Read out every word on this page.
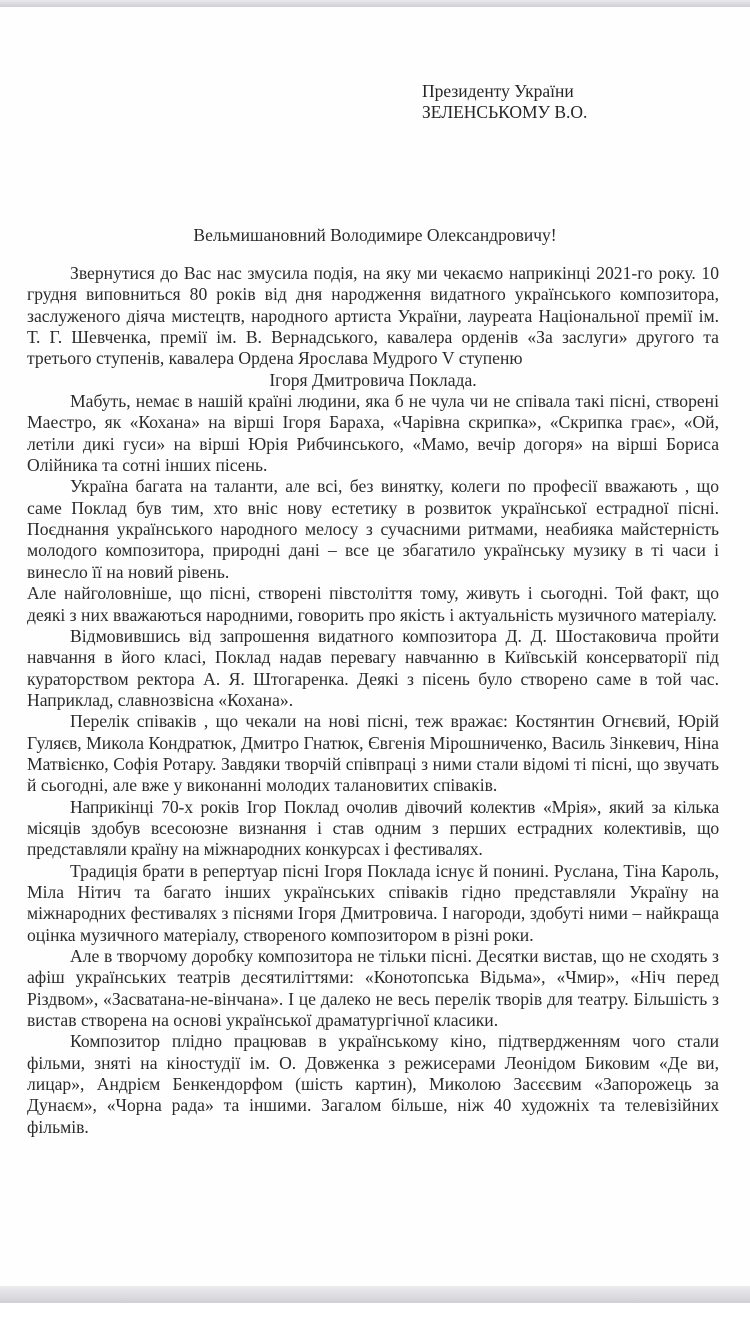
Президенту України
ЗЕЛЕНСЬКОМУ В.О.
Вельмишановний Володимире Олександровичу!

Звернутися до Вас нас змусила подія, на яку ми чекаємо наприкінці 2021-го року. 10 грудня виповниться 80 років від дня народження видатного українського композитора, заслуженого діяча мистецтв, народного артиста України, лауреата Національної премії ім. Т. Г. Шевченка, премії ім. В. Вернадського, кавалера орденів «За заслуги» другого та третього ступенів, кавалера Ордена Ярослава Мудрого V ступеню

Ігоря Дмитровича Поклада.

Мабуть, немає в нашій країні людини, яка б не чула чи не співала такі пісні, створені Маестро, як «Кохана» на вірші Ігоря Бараха, «Чарівна скрипка», «Скрипка грає», «Ой, летіли дикі гуси» на вірші Юрія Рибчинського, «Мамо, вечір догоря» на вірші Бориса Олійника та сотні інших пісень.

Україна багата на таланти, але всі, без винятку, колеги по професії вважають , що саме Поклад був тим, хто вніс нову естетику в розвиток української естрадної пісні. Поєднання українського народного мелосу з сучасними ритмами, неабияка майстерність молодого композитора, природні дані – все це збагатило українську музику в ті часи і винесло її на новий рівень.

Але найголовніше, що пісні, створені півстоліття тому, живуть і сьогодні. Той факт, що деякі з них вважаються народними, говорить про якість і актуальність музичного матеріалу.

Відмовившись від запрошення видатного композитора Д. Д. Шостаковича пройти навчання в його класі, Поклад надав перевагу навчанню в Київській консерваторії під кураторством ректора А. Я. Штогаренка. Деякі з пісень було створено саме в той час. Наприклад, славнозвісна «Кохана».

Перелік співаків , що чекали на нові пісні, теж вражає: Костянтин Огнєвий, Юрій Гуляєв, Микола Кондратюк, Дмитро Гнатюк, Євгенія Мірошниченко, Василь Зінкевич, Ніна Матвієнко, Софія Ротару. Завдяки творчій співпраці з ними стали відомі ті пісні, що звучать й сьогодні, але вже у виконанні молодих талановитих співаків.

Наприкінці 70-х років Ігор Поклад очолив дівочий колектив «Мрія», який за кілька місяців здобув всесоюзне визнання і став одним з перших естрадних колективів, що представляли країну на міжнародних конкурсах і фестивалях.

Традиція брати в репертуар пісні Ігоря Поклада існує й понині. Руслана, Тіна Кароль, Міла Нітич та багато інших українських співаків гідно представляли Україну на міжнародних фестивалях з піснями Ігоря Дмитровича. І нагороди, здобуті ними – найкраща оцінка музичного матеріалу, створеного композитором в різні роки.

Але в творчому доробку композитора не тільки пісні. Десятки вистав, що не сходять з афіш українських театрів десятиліттями: «Конотопська Відьма», «Чмир», «Ніч перед Різдвом», «Засватана-не-вінчана». І це далеко не весь перелік творів для театру. Більшість з вистав створена на основі української драматургічної класики.

Композитор плідно працював в українському кіно, підтвердженням чого стали фільми, зняті на кіностудії ім. О. Довженка з режисерами Леонідом Биковим «Де ви, лицар», Андрієм Бенкендорфом (шість картин), Миколою Засєєвим «Запорожець за Дунаєм», «Чорна рада» та іншими. Загалом більше, ніж 40 художніх та телевізійних фільмів.
